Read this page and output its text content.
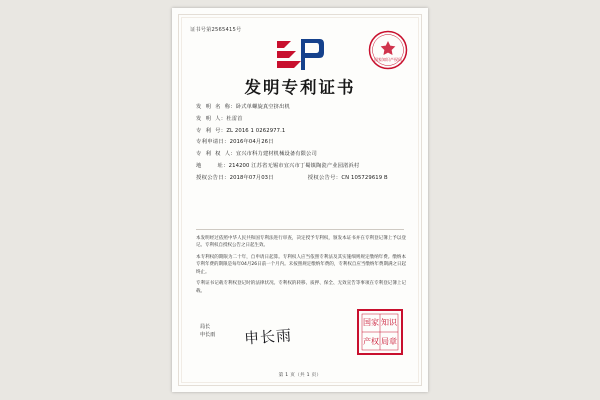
证书号第2565415号
国家知识产权局
发明专利证书
发  明  名  称： 卧式单螺旋真空挤出机
发  明  人： 杜雷首
专  利  号： ZL 2016 1 0262977.1
专利申请日： 2016年04月26日
专  利  权  人： 宜兴市科力建材机械设备有限公司
地        址： 214200 江苏省无锡市宜兴市丁蜀镇陶瓷产业园渚浜村
授权公告日： 2018年07月03日	授权公告号： CN 105729619 B

本发明经过依照中华人民共和国专利法进行审查，决定授予专利权，颁发本证书并在专利登记簿上予以登记。专利权自授权公告之日起生效。

本专利权的期限为二十年，自申请日起算。专利权人应当依照专利法及其实施细则规定缴纳年费。缴纳本专利年费的期限是每年04月26日前一个月内。未按照规定缴纳年费的，专利权自应当缴纳年费期满之日起终止。

专利证书记载专利权登记时的法律状况。专利权的转移、质押、保全、无效宣告等事项在专利登记簿上记载。

局长
申长雨 申长雨
国家 知识
产权 局章
第 1 页（共 1 页）
